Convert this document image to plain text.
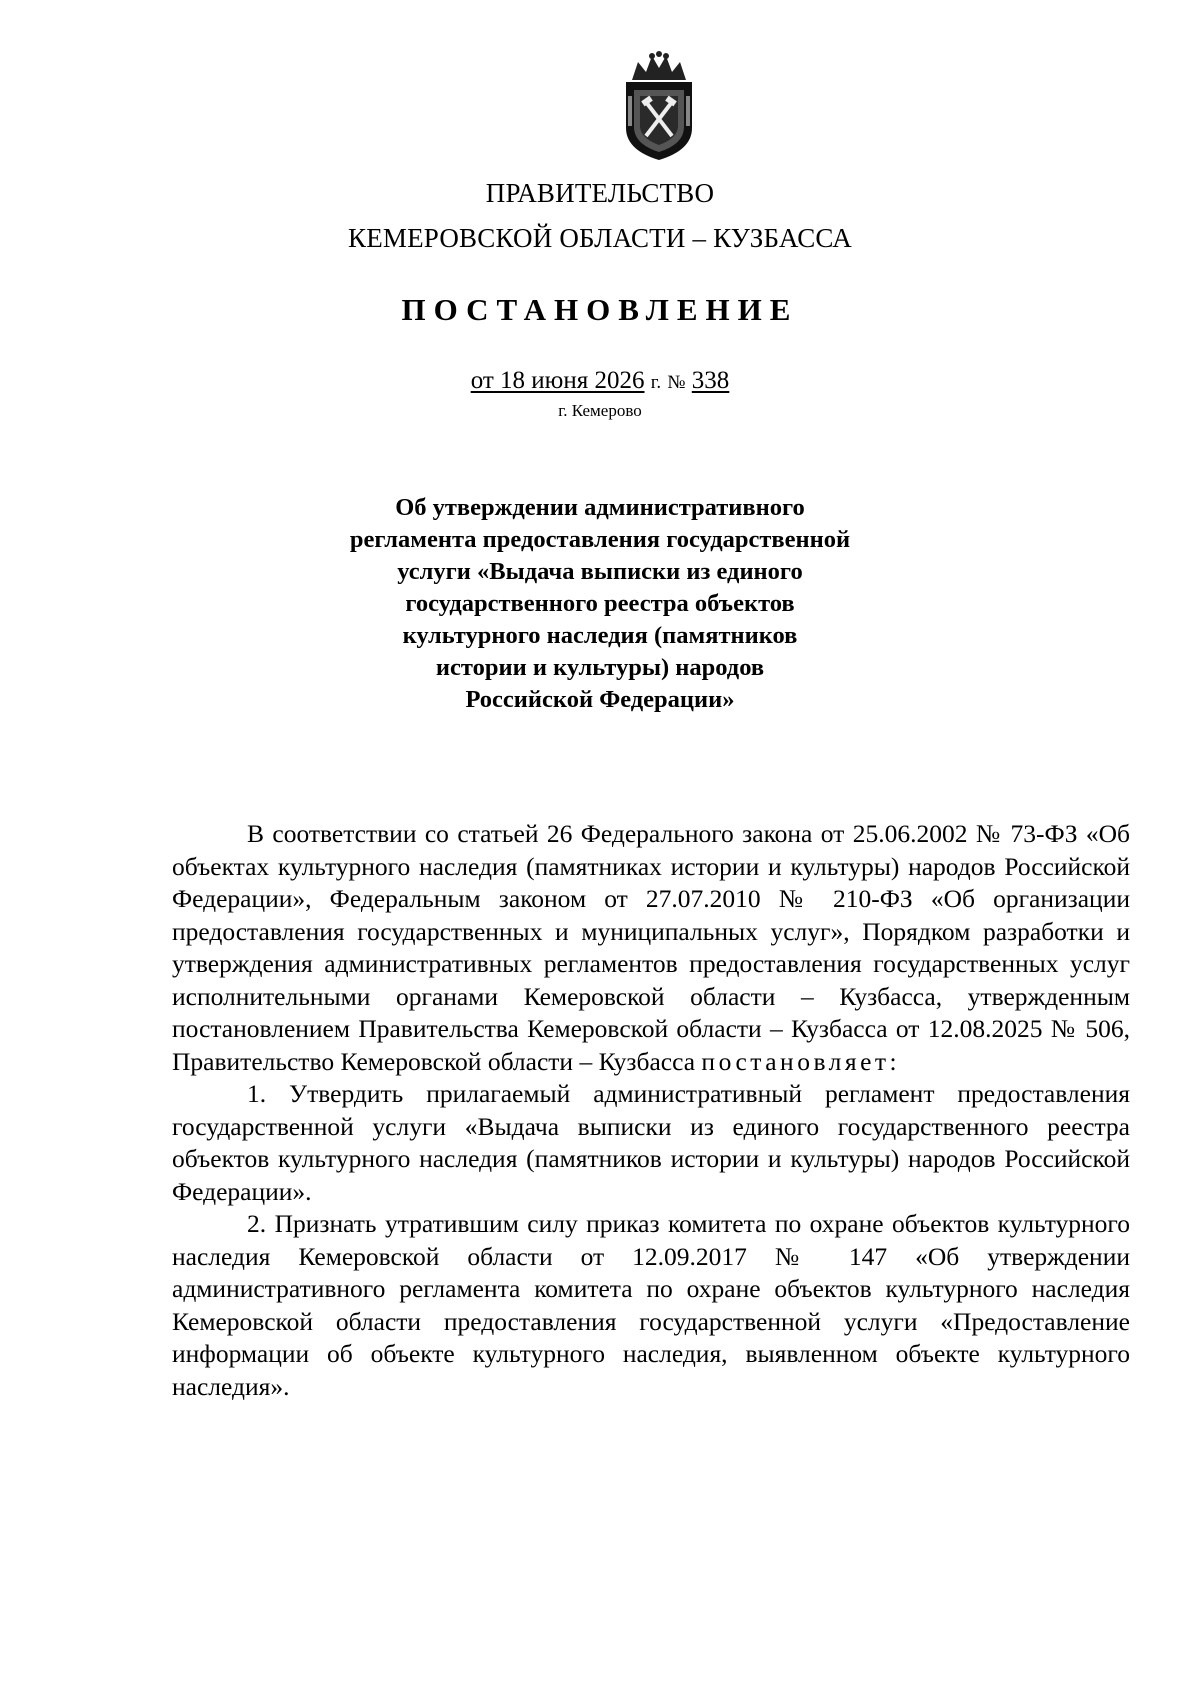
ПРАВИТЕЛЬСТВО
КЕМЕРОВСКОЙ ОБЛАСТИ – КУЗБАССА
ПОСТАНОВЛЕНИЕ
от 18 июня 2026 г. № 338
г. Кемерово
Об утверждении административного
регламента предоставления государственной
услуги «Выдача выписки из единого
государственного реестра объектов
культурного наследия (памятников
истории и культуры) народов
Российской Федерации»

В соответствии со статьей 26 Федерального закона от 25.06.2002 № 73-ФЗ «Об объектах культурного наследия (памятниках истории и культуры) народов Российской Федерации», Федеральным законом от 27.07.2010 № 210-ФЗ «Об организации предоставления государственных и муниципальных услуг», Порядком разработки и утверждения административных регламентов предоставления государственных услуг исполнительными органами Кемеровской области – Кузбасса, утвержденным постановлением Правительства Кемеровской области – Кузбасса от 12.08.2025 № 506, Правительство Кемеровской области – Кузбасса постановляет:

1. Утвердить прилагаемый административный регламент предоставления государственной услуги «Выдача выписки из единого государственного реестра объектов культурного наследия (памятников истории и культуры) народов Российской Федерации».

2. Признать утратившим силу приказ комитета по охране объектов культурного наследия Кемеровской области от 12.09.2017 № 147 «Об утверждении административного регламента комитета по охране объектов культурного наследия Кемеровской области предоставления государственной услуги «Предоставление информации об объекте культурного наследия, выявленном объекте культурного наследия».
